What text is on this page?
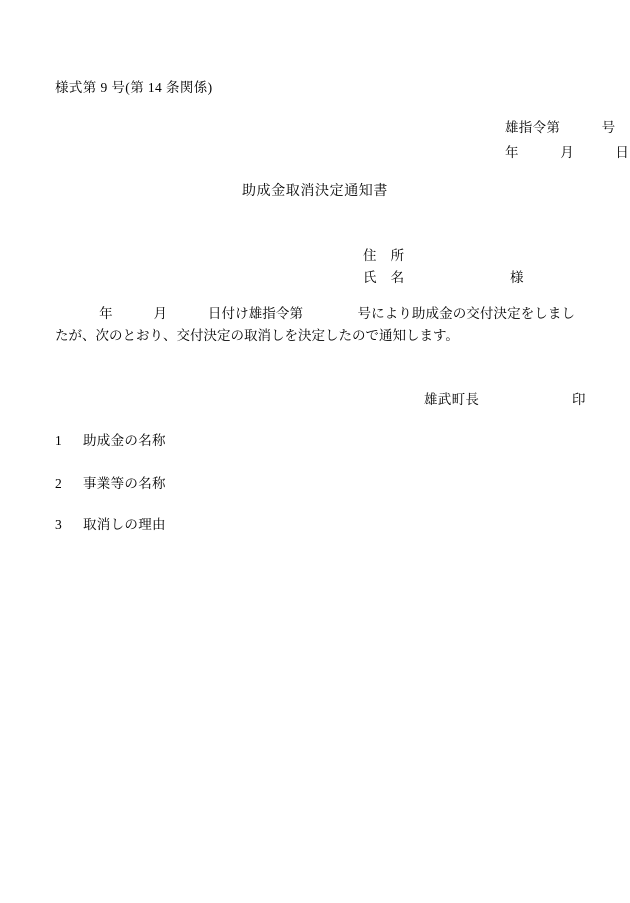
様式第 9 号(第 14 条関係)
雄指令第　　　号
年　　　月　　　日
助成金取消決定通知書
住　所
氏　名	様
年　　　月　　　日付け雄指令第　　　　号により助成金の交付決定をしましたが、次のとおり、交付決定の取消しを決定したので通知します。
雄武町長	印
1 助成金の名称
2 事業等の名称
3 取消しの理由
